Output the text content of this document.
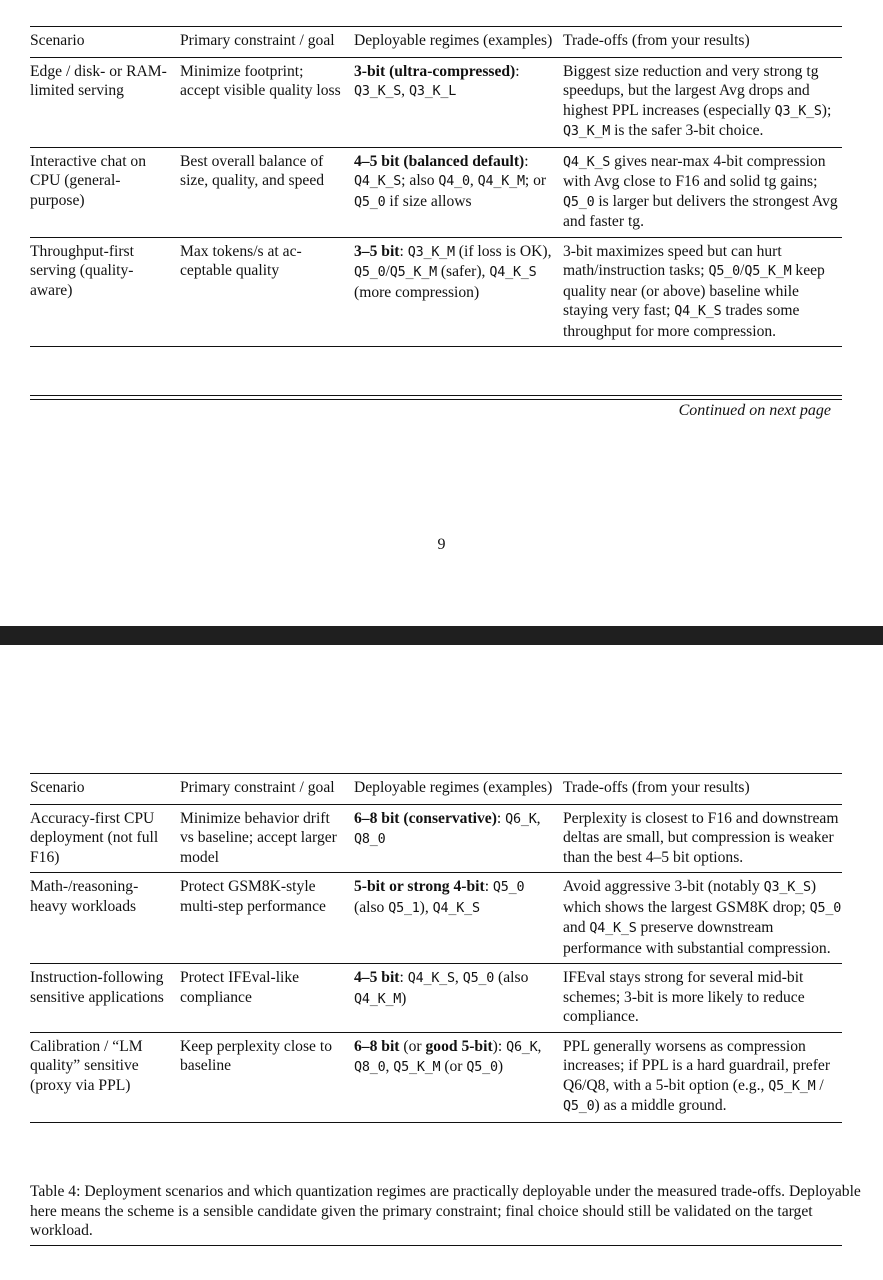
Scenario	Primary constraint / goal	Deployable regimes (examples)	Trade-offs (from your results)
Edge / disk- or RAM-limited serving	Minimize footprint; accept visible quality loss	3-bit (ultra-compressed): Q3_K_S, Q3_K_L	Biggest size reduction and very strong tg speedups, but the largest Avg drops and highest PPL increases (especially Q3_K_S); Q3_K_M is the safer 3-bit choice.
Interactive chat on CPU (general-purpose)	Best overall balance of size, quality, and speed	4–5 bit (balanced default): Q4_K_S; also Q4_0, Q4_K_M; or Q5_0 if size allows	Q4_K_S gives near-max 4-bit compression with Avg close to F16 and solid tg gains; Q5_0 is larger but delivers the strongest Avg and faster tg.
Throughput-first serving (quality-aware)	Max tokens/s at acceptable quality	3–5 bit: Q3_K_M (if loss is OK), Q5_0/Q5_K_M (safer), Q4_K_S (more compression)	3-bit maximizes speed but can hurt math/instruction tasks; Q5_0/Q5_K_M keep quality near (or above) baseline while staying very fast; Q4_K_S trades some throughput for more compression.
Continued on next page
9
Scenario	Primary constraint / goal	Deployable regimes (examples)	Trade-offs (from your results)
Accuracy-first CPU deployment (not full F16)	Minimize behavior drift vs baseline; accept larger model	6–8 bit (conservative): Q6_K, Q8_0	Perplexity is closest to F16 and downstream deltas are small, but compression is weaker than the best 4–5 bit options.
Math-/reasoning-heavy workloads	Protect GSM8K-style multi-step performance	5-bit or strong 4-bit: Q5_0 (also Q5_1), Q4_K_S	Avoid aggressive 3-bit (notably Q3_K_S) which shows the largest GSM8K drop; Q5_0 and Q4_K_S preserve downstream performance with substantial compression.
Instruction-following sensitive applications	Protect IFEval-like compliance	4–5 bit: Q4_K_S, Q5_0 (also Q4_K_M)	IFEval stays strong for several mid-bit schemes; 3-bit is more likely to reduce compliance.
Calibration / “LM quality” sensitive (proxy via PPL)	Keep perplexity close to baseline	6–8 bit (or good 5-bit): Q6_K, Q8_0, Q5_K_M (or Q5_0)	PPL generally worsens as compression increases; if PPL is a hard guardrail, prefer Q6/Q8, with a 5-bit option (e.g., Q5_K_M / Q5_0) as a middle ground.

Table 4: Deployment scenarios and which quantization regimes are practically deployable under the measured trade-offs. Deployable here means the scheme is a sensible candidate given the primary constraint; final choice should still be validated on the target workload.
